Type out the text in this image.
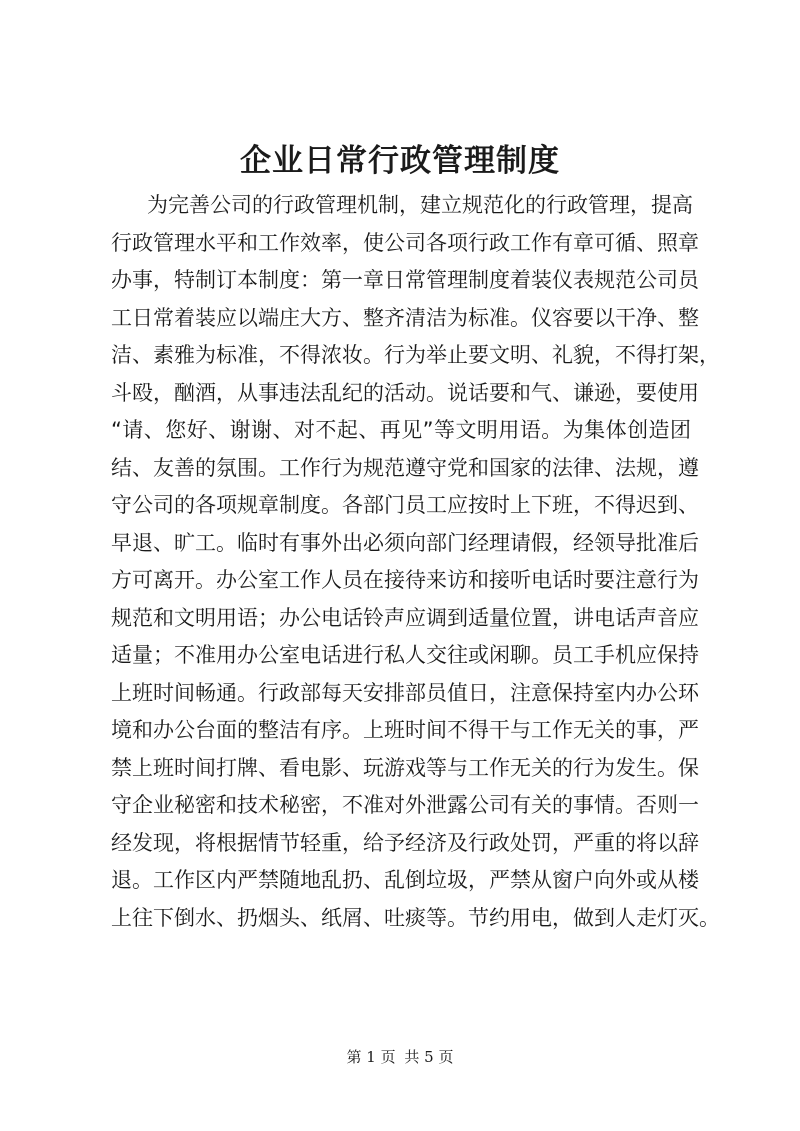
企业日常行政管理制度
为完善公司的行政管理机制，建立规范化的行政管理，提高
行政管理水平和工作效率，使公司各项行政工作有章可循、照章
办事，特制订本制度：第一章日常管理制度着装仪表规范公司员
工日常着装应以端庄大方、整齐清洁为标准。仪容要以干净、整
洁、素雅为标准，不得浓妆。行为举止要文明、礼貌，不得打架，
斗殴，酗酒，从事违法乱纪的活动。说话要和气、谦逊，要使用
“请、您好、谢谢、对不起、再见”等文明用语。为集体创造团
结、友善的氛围。工作行为规范遵守党和国家的法律、法规，遵
守公司的各项规章制度。各部门员工应按时上下班，不得迟到、
早退、旷工。临时有事外出必须向部门经理请假，经领导批准后
方可离开。办公室工作人员在接待来访和接听电话时要注意行为
规范和文明用语；办公电话铃声应调到适量位置，讲电话声音应
适量；不准用办公室电话进行私人交往或闲聊。员工手机应保持
上班时间畅通。行政部每天安排部员值日，注意保持室内办公环
境和办公台面的整洁有序。上班时间不得干与工作无关的事，严
禁上班时间打牌、看电影、玩游戏等与工作无关的行为发生。保
守企业秘密和技术秘密，不准对外泄露公司有关的事情。否则一
经发现，将根据情节轻重，给予经济及行政处罚，严重的将以辞
退。工作区内严禁随地乱扔、乱倒垃圾，严禁从窗户向外或从楼
上往下倒水、扔烟头、纸屑、吐痰等。节约用电，做到人走灯灭。
第 1 页 共 5 页
